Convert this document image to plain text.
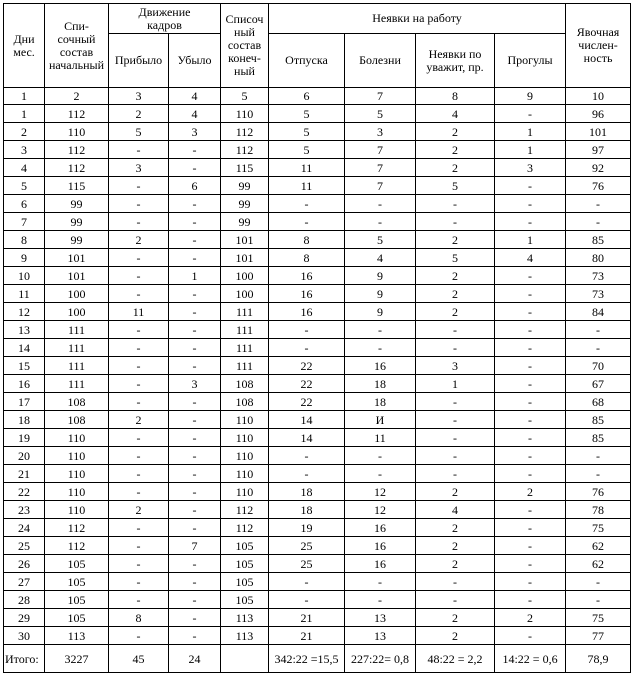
Дни
мес.	Спи-
сочный
состав
начальный	Движение
кадров		Списоч
ный
состав
конеч-
ный	Неявки на работу				Явочная
числен-
ность
		Прибыло	Убыло		Отпуска	Болезни	Неявки по
уважит, пр.	Прогулы	
1	2	3	4	5	6	7	8	9	10
1	112	2	4	110	5	5	4	-	96
2	110	5	3	112	5	3	2	1	101
3	112	-	-	112	5	7	2	1	97
4	112	3	-	115	11	7	2	3	92
5	115	-	6	99	11	7	5	-	76
6	99	-	-	99	-	-	-	-	-
7	99	-	-	99	-	-	-	-	-
8	99	2	-	101	8	5	2	1	85
9	101	-	-	101	8	4	5	4	80
10	101	-	1	100	16	9	2	-	73
11	100	-	-	100	16	9	2	-	73
12	100	11	-	111	16	9	2	-	84
13	111	-	-	111	-	-	-	-	-
14	111	-	-	111	-	-	-	-	-
15	111	-	-	111	22	16	3	-	70
16	111	-	3	108	22	18	1	-	67
17	108	-	-	108	22	18	-	-	68
18	108	2	-	110	14	И	-	-	85
19	110	-	-	110	14	11	-	-	85
20	110	-	-	110	-	-	-	-	-
21	110	-	-	110	-	-	-	-	-
22	110	-	-	110	18	12	2	2	76
23	110	2	-	112	18	12	4	-	78
24	112	-	-	112	19	16	2	-	75
25	112	-	7	105	25	16	2	-	62
26	105	-	-	105	25	16	2	-	62
27	105	-	-	105	-	-	-	-	-
28	105	-	-	105	-	-	-	-	-
29	105	8	-	113	21	13	2	2	75
30	113	-	-	113	21	13	2	-	77
Итого:	3227	45	24		342:22 =15,5	227:22= 0,8	48:22 = 2,2	14:22 = 0,6	78,9
